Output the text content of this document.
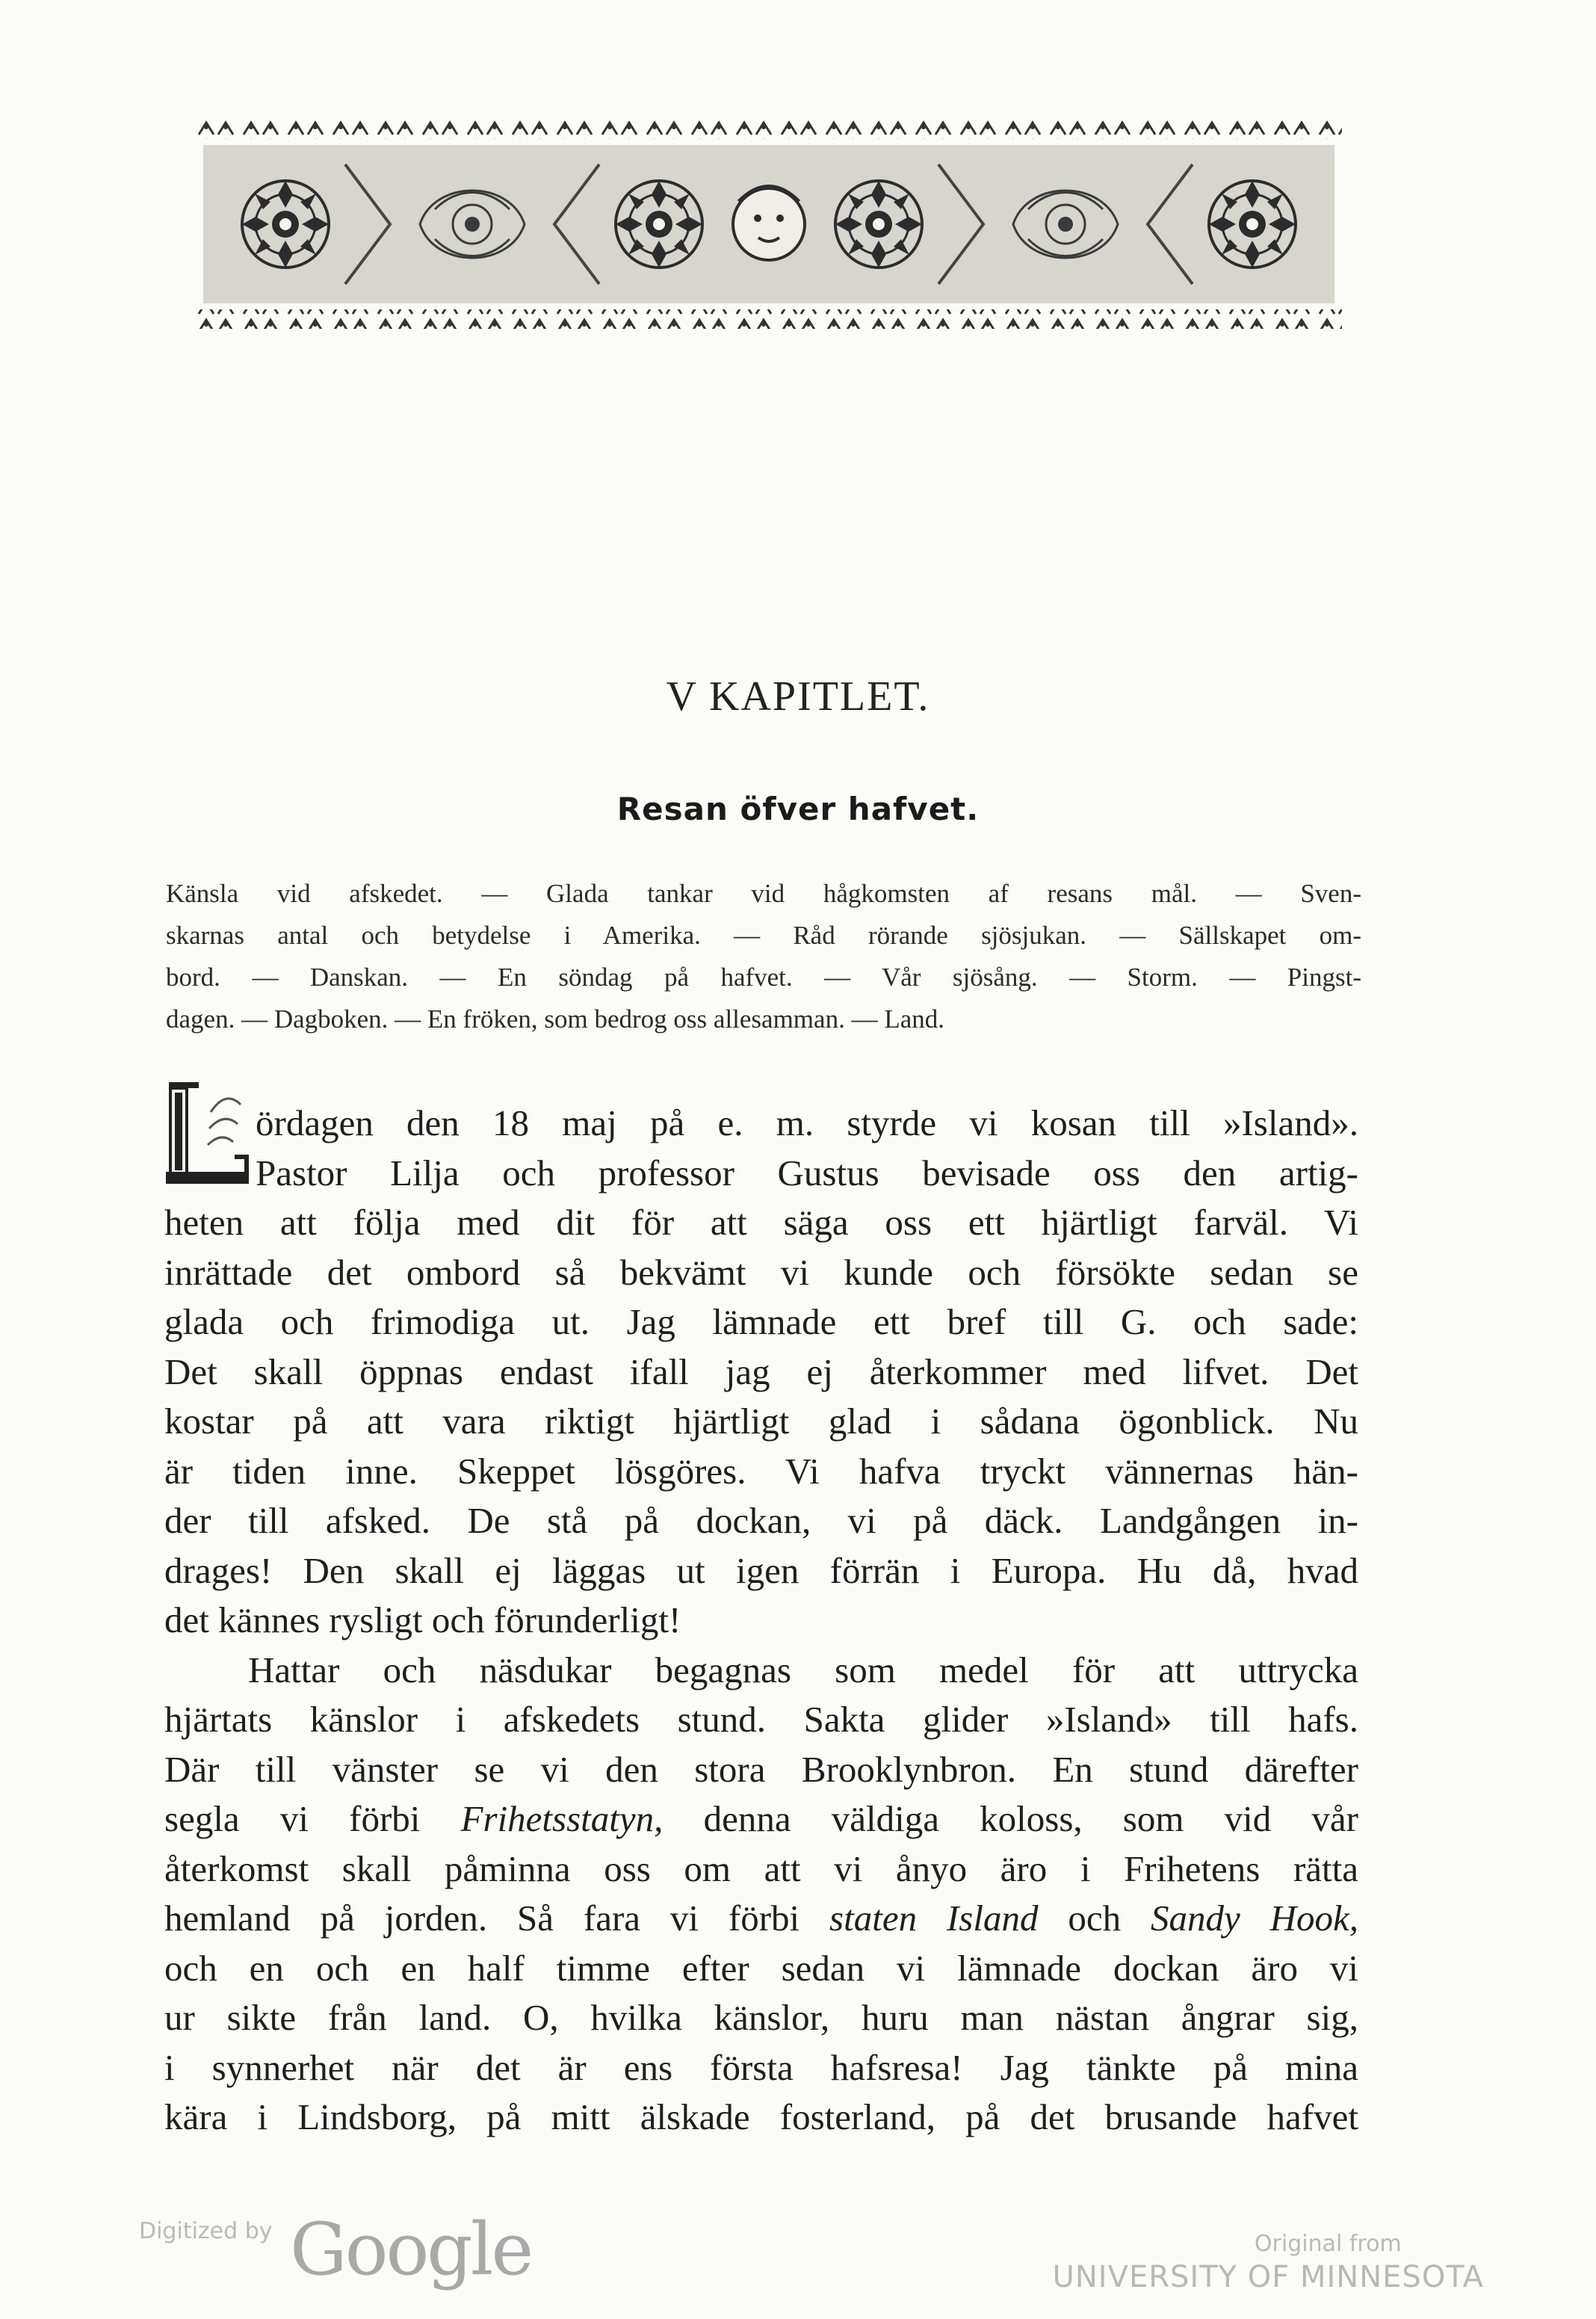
V KAPITLET.
Resan öfver hafvet.
Känsla vid afskedet. — Glada tankar vid hågkomsten af resans mål. — Sven-
skarnas antal och betydelse i Amerika. — Råd rörande sjösjukan. — Sällskapet om-
bord. — Danskan. — En söndag på hafvet. — Vår sjösång. — Storm. — Pingst-
dagen. — Dagboken. — En fröken, som bedrog oss allesamman. — Land.
L
ördagen den 18 maj på e. m. styrde vi kosan till »Island».
Pastor Lilja och professor Gustus bevisade oss den artig-
heten att följa med dit för att säga oss ett hjärtligt farväl. Vi
inrättade det ombord så bekvämt vi kunde och försökte sedan se
glada och frimodiga ut. Jag lämnade ett bref till G. och sade:
Det skall öppnas endast ifall jag ej återkommer med lifvet. Det
kostar på att vara riktigt hjärtligt glad i sådana ögonblick. Nu
är tiden inne. Skeppet lösgöres. Vi hafva tryckt vännernas hän-
der till afsked. De stå på dockan, vi på däck. Landgången in-
drages! Den skall ej läggas ut igen förrän i Europa. Hu då, hvad
det kännes rysligt och förunderligt!
Hattar och näsdukar begagnas som medel för att uttrycka
hjärtats känslor i afskedets stund. Sakta glider »Island» till hafs.
Där till vänster se vi den stora Brooklynbron. En stund därefter
segla vi förbi Frihetsstatyn, denna väldiga koloss, som vid vår
återkomst skall påminna oss om att vi ånyo äro i Frihetens rätta
hemland på jorden. Så fara vi förbi staten Island och Sandy Hook,
och en och en half timme efter sedan vi lämnade dockan äro vi
ur sikte från land. O, hvilka känslor, huru man nästan ångrar sig,
i synnerhet när det är ens första hafsresa! Jag tänkte på mina
kära i Lindsborg, på mitt älskade fosterland, på det brusande hafvet
Digitized by Google	Original from
UNIVERSITY OF MINNESOTA
